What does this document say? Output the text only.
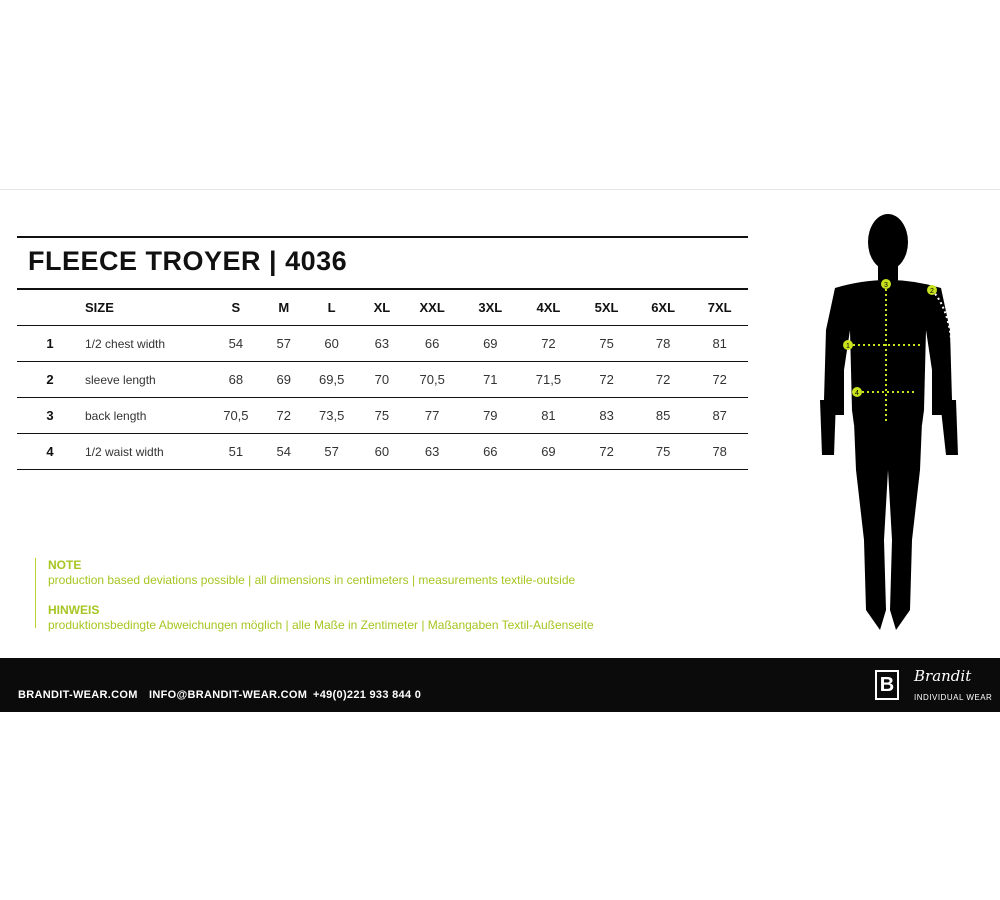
FLEECE TROYER | 4036
	SIZE	S	M	L	XL	XXL	3XL	4XL	5XL	6XL	7XL
1	1/2 chest width	54	57	60	63	66	69	72	75	78	81
2	sleeve length	68	69	69,5	70	70,5	71	71,5	72	72	72
3	back length	70,5	72	73,5	75	77	79	81	83	85	87
4	1/2 waist width	51	54	57	60	63	66	69	72	75	78
NOTE
production based deviations possible | all dimensions in centimeters | measurements textile-outside
HINWEIS
produktionsbedingte Abweichungen möglich | alle Maße in Zentimeter | Maßangaben Textil-Außenseite
1
2
3
4
BRANDIT-WEAR.COM INFO@BRANDIT-WEAR.COM +49(0)221 933 844 0	B	Brandit
INDIVIDUAL WEAR
